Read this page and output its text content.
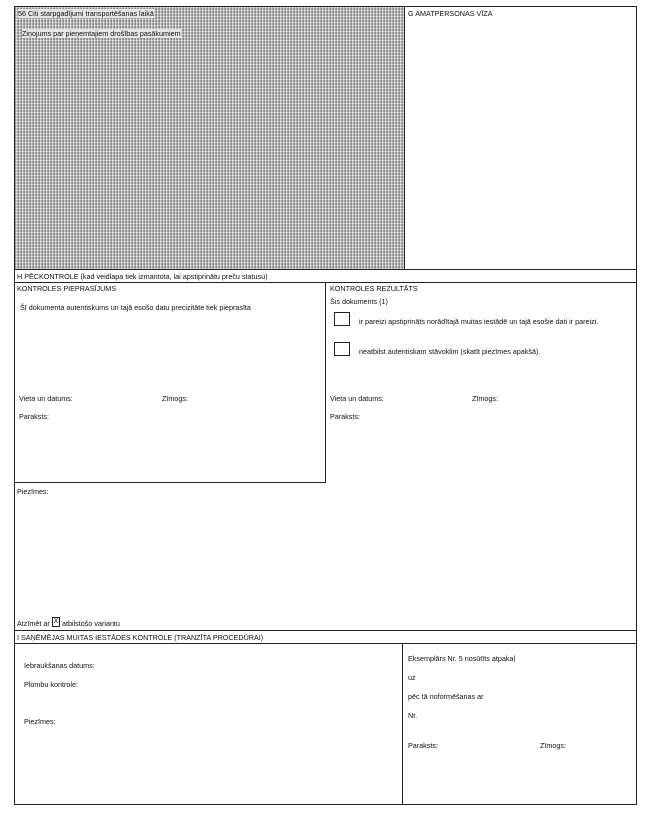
56 Citi starpgadījumi transportēšanas laikā
Ziņojums par pieņemtajiem drošības pasākumiem
G AMATPERSONAS VĪZA
H PĒCKONTROLE (kad veidlapa tiek izmantota, lai apstiprinātu preču statusu)
KONTROLES PIEPRASĪJUMS
Šī dokumenta autentiskums un tajā esošo datu precizitāte tiek pieprasīta
Vieta un datums:	Zīmogs:
Paraksts:
KONTROLES REZULTĀTS
Šis dokuments (1)
ir pareizi apstiprināts norādītajā muitas iestādē un tajā esošie dati ir pareizi.
neatbilst autentiskam stāvoklim (skatīt piezīmes apakšā).
Vieta un datums:	Zīmogs:
Paraksts:
Piezīmes:
Atzīmēt ar X atbilstošo variantu
I SAŅĒMĒJAS MUITAS IESTĀDES KONTROLE (TRANZĪTA PROCEDŪRAI)
Iebraukšanas datums:
Plombu kontrole:
Piezīmes:
Eksemplārs Nr. 5 nosūtīts atpakaļ
uz
pēc tā noformēšanas ar
Nr.
Paraksts:	Zīmogs:
